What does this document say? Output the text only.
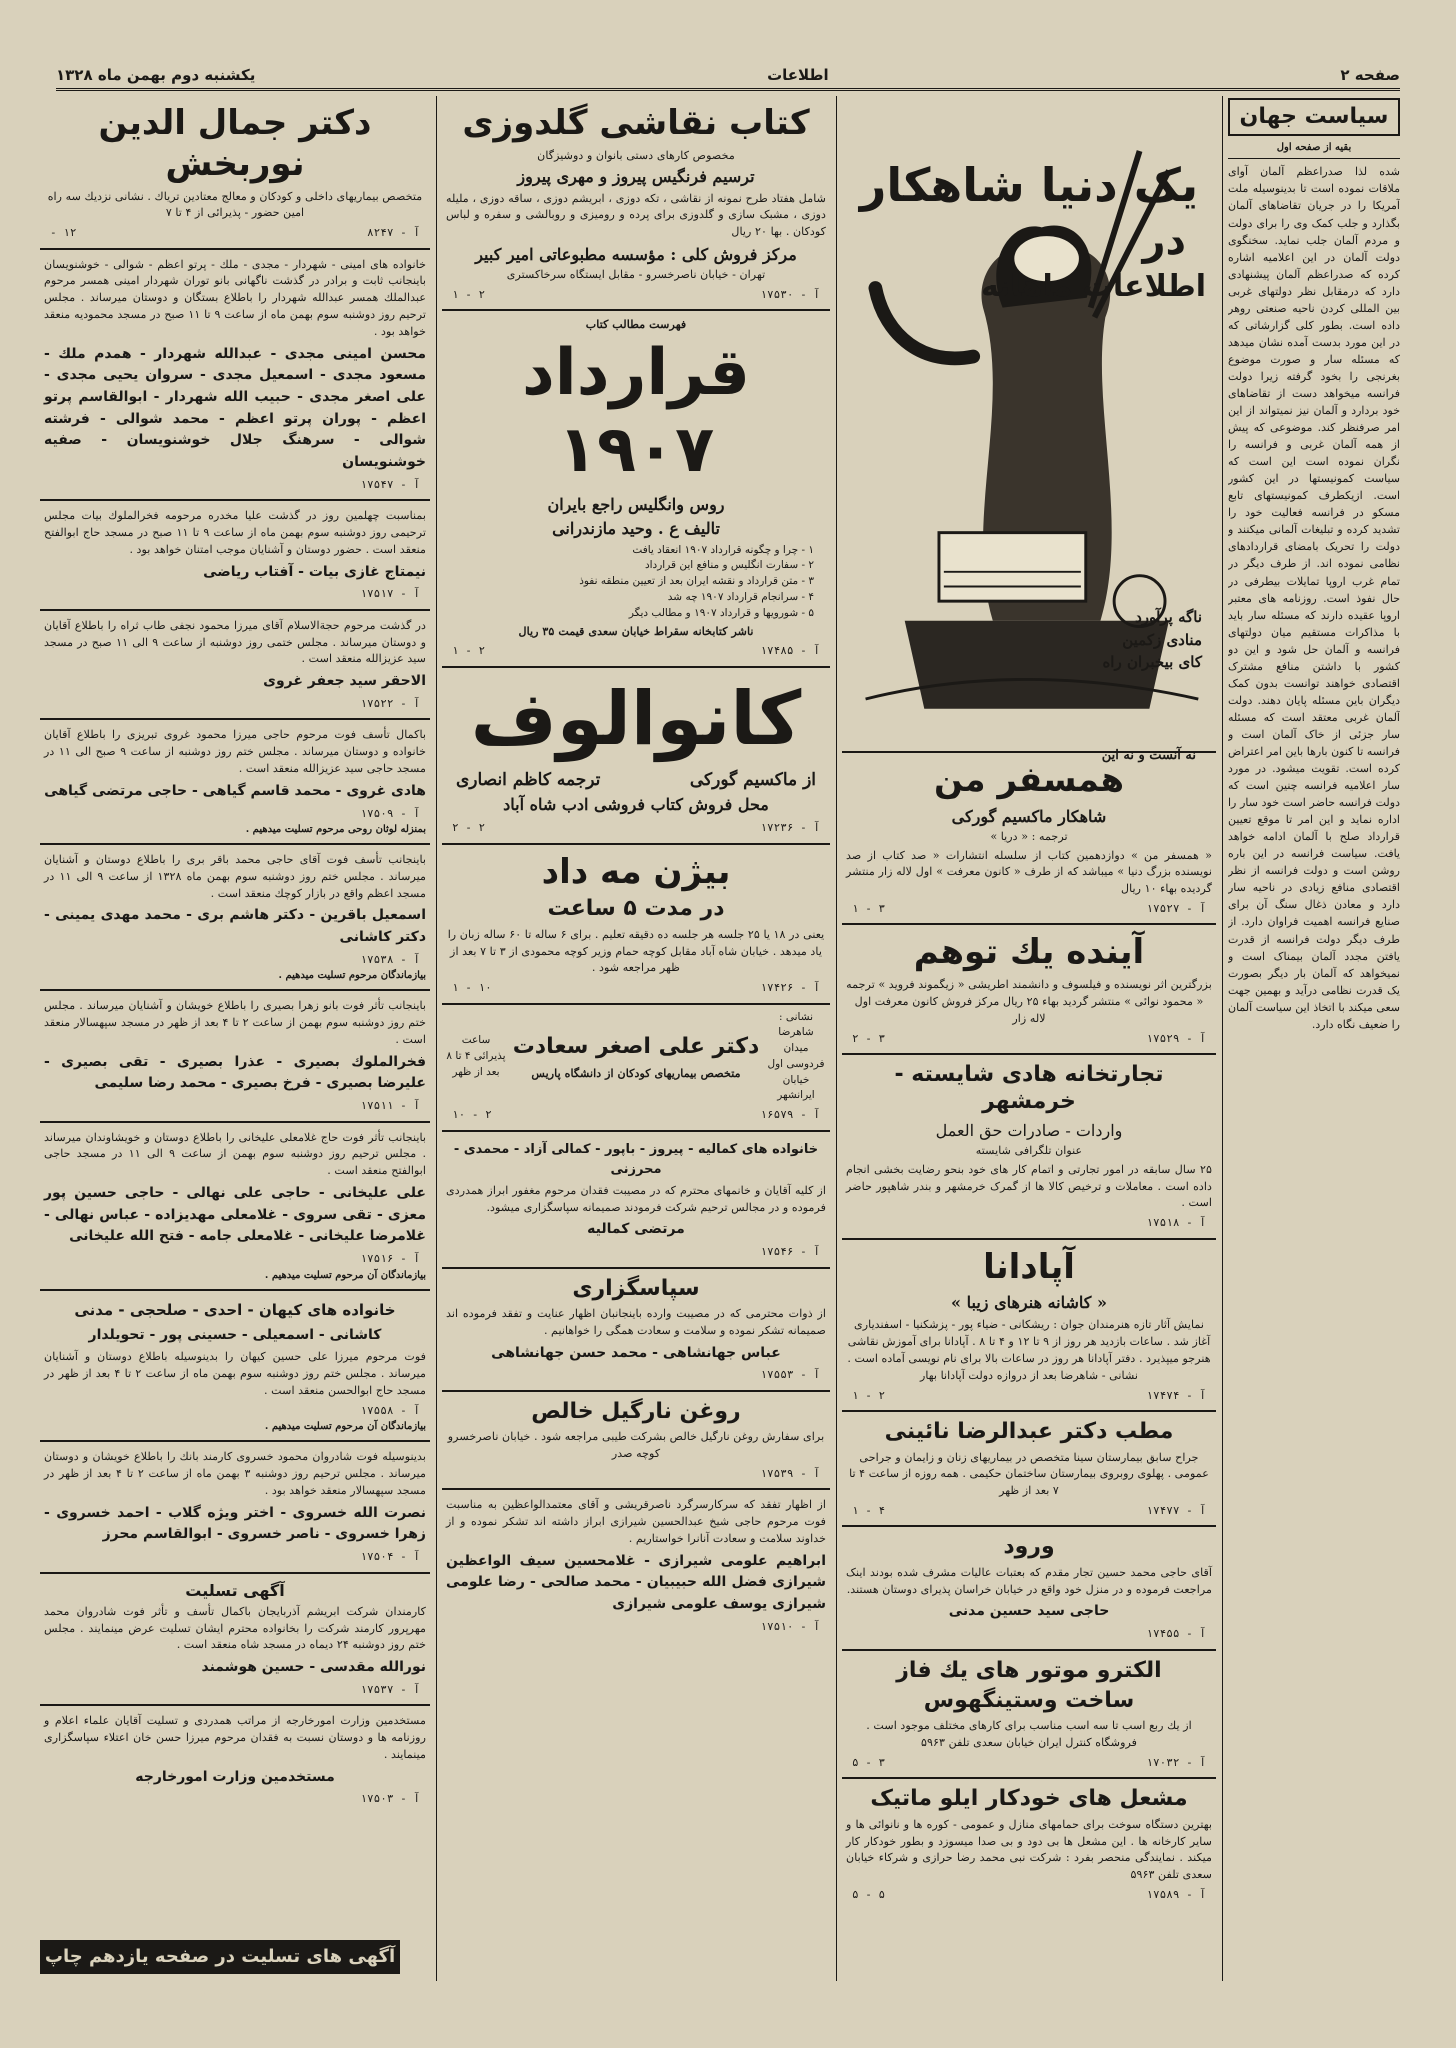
صفحه ۲
اطلاعات
یکشنبه دوم بهمن ماه ۱۳۲۸
سیاست جهان
بقیه از صفحه اول

شده لذا صدراعظم آلمان آوای ملاقات نموده است تا بدینوسیله ملت آمریکا را در جریان تقاضاهای آلمان بگذارد و جلب کمک وی را برای دولت و مردم آلمان جلب نماید. سخنگوی دولت آلمان در این اعلامیه اشاره کرده که صدراعظم آلمان پیشنهادی دارد که درمقابل نظر دولتهای غربی بین المللی کردن ناحیه صنعتی روهر داده است. بطور کلی گزارشاتی که در این مورد بدست آمده نشان میدهد که مسئله سار و صورت موضوع بغرنجی را بخود گرفته زیرا دولت فرانسه میخواهد دست از تقاضاهای خود بردارد و آلمان نیز نمیتواند از این امر صرفنظر کند. موضوعی که پیش از همه آلمان غربی و فرانسه را نگران نموده است این است که سیاست کمونیستها در این کشور است. ازیکطرف کمونیستهای تابع مسکو در فرانسه فعالیت خود را تشدید کرده و تبلیغات آلمانی میکنند و دولت را تحریک بامضای قراردادهای نظامی نموده اند. از طرف دیگر در تمام غرب اروپا تمایلات بیطرفی در حال نفوذ است. روزنامه های معتبر اروپا عقیده دارند که مسئله سار باید با مذاکرات مستقیم میان دولتهای فرانسه و آلمان حل شود و این دو کشور با داشتن منافع مشترک اقتصادی خواهند توانست بدون کمک دیگران باین مسئله پایان دهند. دولت آلمان غربی معتقد است که مسئله سار جزئی از خاک آلمان است و فرانسه تا کنون بارها باین امر اعتراض کرده است. تقویت میشود. در مورد سار اعلامیه فرانسه چنین است که دولت فرانسه حاضر است خود سار را اداره نماید و این امر تا موقع تعیین قرارداد صلح با آلمان ادامه خواهد یافت. سیاست فرانسه در این باره روشن است و دولت فرانسه از نظر اقتصادی منافع زیادی در ناحیه سار دارد و معادن ذغال سنگ آن برای صنایع فرانسه اهمیت فراوان دارد. از طرف دیگر دولت فرانسه از قدرت یافتن مجدد آلمان بیمناک است و نمیخواهد که آلمان بار دیگر بصورت یک قدرت نظامی درآید و بهمین جهت سعی میکند با اتخاذ این سیاست آلمان را ضعیف نگاه دارد.

یک دنیا شاهکار
در
اطلاعات ماهانه
ناگه پرآورد
منادی زکمین
کای بیخبران راه
نه آنست و نه این
همسفر من
شاهکار ماکسیم گورکی
ترجمه : « دریا »

« همسفر من » دوازدهمین کتاب از سلسله انتشارات « صد کتاب از صد نویسنده بزرگ دنیا » میباشد که از طرف « کانون معرفت » اول لاله زار منتشر گردیده بهاء ۱۰ ریال

آ - ۱۷۵۲۷
۳ - ۱
آینده یك توهم

بزرگترین اثر نویسنده و فیلسوف و دانشمند اطریشی « زیگموند فروید » ترجمه « محمود نوائی » منتشر گردید بهاء ۲۵ ریال مرکز فروش کانون معرفت اول لاله زار

آ - ۱۷۵۲۹
۳ - ۲
تجارتخانه هادی شایسته - خرمشهر
واردات - صادرات حق العمل
عنوان تلگرافی شایسته

۲۵ سال سابقه در امور تجارتی و اتمام کار های خود بنحو رضایت بخشی انجام داده است . معاملات و ترخیص کالا ها از گمرک خرمشهر و بندر شاهپور حاضر است .

آ - ۱۷۵۱۸
آپادانا
« کاشانه هنرهای زیبا »

نمایش آثار تازه هنرمندان جوان : ریشکانی - ضیاء پور - پزشکنیا - اسفندیاری آغاز شد . ساعات بازدید هر روز از ۹ تا ۱۲ و ۴ تا ۸ . آپادانا برای آموزش نقاشی هنرجو میپذیرد . دفتر آپادانا هر روز در ساعات بالا برای نام نویسی آماده است . نشانی - شاهرضا بعد از دروازه دولت آپادانا بهار

آ - ۱۷۴۷۴
۲ - ۱
مطب دکتر عبدالرضا نائینی

جراح سابق بیمارستان سینا متخصص در بیماریهای زنان و زایمان و جراحی عمومی . پهلوی روبروی بیمارستان ساختمان حکیمی . همه روزه از ساعت ۴ تا ۷ بعد از ظهر

آ - ۱۷۴۷۷
۴ - ۱
ورود

آقای حاجی محمد حسین تجار مقدم که بعتبات عالیات مشرف شده بودند اینک مراجعت فرموده و در منزل خود واقع در خیابان خراسان پذیرای دوستان هستند.

حاجی سید حسین مدنی
آ - ۱۷۴۵۵
الکترو موتور های یك فاز
ساخت وستینگهوس

از یك ربع اسب تا سه اسب مناسب برای کارهای مختلف موجود است . فروشگاه کنترل ایران خیابان سعدی تلفن ۵۹۶۳

آ - ۱۷۰۳۲
۳ - ۵
مشعل های خودکار ایلو ماتیک

بهترین دستگاه سوخت برای حمامهای منازل و عمومی - کوره ها و نانوائی ها و سایر کارخانه ها . این مشعل ها بی دود و بی صدا میسوزد و بطور خودکار کار میکند . نمایندگی منحصر بفرد : شرکت نبی محمد رضا حرازی و شرکاء خیابان سعدی تلفن ۵۹۶۳

آ - ۱۷۵۸۹
۵ - ۵
کتاب نقاشی گلدوزی
مخصوص کارهای دستی بانوان و دوشیزگان
ترسیم فرنگیس پیروز و مهری پیروز

شامل هفتاد طرح نمونه از نقاشی ، تکه دوزی ، ابریشم دوزی ، ساقه دوزی ، مليله دوزی ، مشبک سازی و گلدوزی برای پرده و رومیزی و روبالشی و سفره و لباس کودکان . بها ۲۰ ریال

مرکز فروش کلی : مؤسسه مطبوعاتی امیر کبیر
تهران - خیابان ناصرخسرو - مقابل ایستگاه سرخاکستری
آ - ۱۷۵۳۰
۲ - ۱
فهرست مطالب کتاب
قرارداد ۱۹۰۷
روس وانگلیس راجع بایران
تالیف ع . وحید مازندرانی
۱ - چرا و چگونه قرارداد ۱۹۰۷ انعقاد یافت
۲ - سفارت انگلیس و منافع این قرارداد
۳ - متن قرارداد و نقشه ایران بعد از تعیین منطقه نفوذ
۴ - سرانجام قرارداد ۱۹۰۷ چه شد
۵ - شورویها و قرارداد ۱۹۰۷ و مطالب دیگر
ناشر کتابخانه سقراط خیابان سعدی قیمت ۳۵ ریال
آ - ۱۷۴۸۵
۲ - ۱
کانوالوف
از ماکسیم گورکی
ترجمه کاظم انصاری
محل فروش کتاب فروشی ادب شاه آباد
آ - ۱۷۲۳۶
۲ - ۲
بیژن مه داد
در مدت ۵ ساعت

یعنی در ۱۸ یا ۲۵ جلسه هر جلسه ده دقیقه تعلیم . برای ۶ ساله تا ۶۰ ساله زبان را یاد میدهد . خیابان شاه آباد مقابل کوچه حمام وزیر کوچه محمودی از ۳ تا ۷ بعد از ظهر مراجعه شود .

آ - ۱۷۴۲۶
۱۰ - ۱
نشانی : شاهرضا میدان فردوسی اول خیابان ایرانشهر
دکتر علی اصغر سعادت
متخصص بیماریهای کودکان از دانشگاه پاریس
ساعت پذیرائی ۴ تا ۸ بعد از ظهر
آ - ۱۶۵۷۹
۲ - ۱۰
خانواده های کمالیه - پیروز - باپور - کمالی آزاد - محمدی - محرزنی

از کلیه آقایان و خانمهای محترم که در مصیبت فقدان مرحوم مغفور ابراز همدردی فرموده و در مجالس ترحیم شرکت فرمودند صمیمانه سپاسگزاری میشود.

مرتضی کمالیه
آ - ۱۷۵۴۶
سپاسگزاری

از ذوات محترمی که در مصیبت وارده باینجانبان اظهار عنایت و تفقد فرموده اند صمیمانه تشکر نموده و سلامت و سعادت همگی را خواهانیم .

عباس جهانشاهی - محمد حسن جهانشاهی
آ - ۱۷۵۵۳
روغن نارگیل خالص

برای سفارش روغن نارگیل خالص بشرکت طیبی مراجعه شود . خیابان ناصرخسرو کوچه صدر

آ - ۱۷۵۳۹

از اظهار تفقد که سرکارسرگرد ناصرقریشی و آقای معتمدالواعظین به مناسبت فوت مرحوم حاجی شیخ عبدالحسین شیرازی ابراز داشته اند تشکر نموده و از خداوند سلامت و سعادت آنانرا خواستاریم .

ابراهیم علومی شیرازی - غلامحسین سیف الواعظین شیرازی فضل الله حبیبیان - محمد صالحی - رضا علومی شیرازی یوسف علومی شیرازی
آ - ۱۷۵۱۰
دکتر جمال الدین نوربخش

متخصص بیماریهای داخلی و کودکان و معالج معتادین تریاك . نشانی نزدیك سه راه امین حضور - پذیرائی از ۴ تا ۷

آ - ۸۲۴۷
۱۲ -

خانواده های امینی - شهردار - مجدی - ملك - پرتو اعظم - شوالی - خوشنویسان باینجانب ثابت و برادر در گذشت ناگهانی بانو توران شهردار امینی همسر مرحوم عبدالملك همسر عبدالله شهردار را باطلاع بستگان و دوستان میرساند . مجلس ترحیم روز دوشنبه سوم بهمن ماه از ساعت ۹ تا ۱۱ صبح در مسجد محمودیه منعقد خواهد بود .

محسن امینی مجدی - عبدالله شهردار - همدم ملك - مسعود مجدی - اسمعیل مجدی - سروان یحیی مجدی - علی اصغر مجدی - حبیب الله شهردار - ابوالقاسم پرتو اعظم - پوران پرتو اعظم - محمد شوالی - فرشته شوالی - سرهنگ جلال خوشنویسان - صفیه خوشنویسان
آ - ۱۷۵۴۷

بمناسبت چهلمین روز در گذشت عليا مخدره مرحومه فخرالملوك بيات مجلس ترحيمی روز دوشنبه سوم بهمن ماه از ساعت ۹ تا ۱۱ صبح در مسجد حاج ابوالفتح منعقد است . حضور دوستان و آشنایان موجب امتنان خواهد بود .

نیمتاج غازی بیات - آفتاب ریاضی
آ - ۱۷۵۱۷

در گذشت مرحوم حجةالاسلام آقای میرزا محمود نجفی طاب ثراه را باطلاع آقایان و دوستان میرساند . مجلس ختمی روز دوشنبه از ساعت ۹ الی ۱۱ صبح در مسجد سید عزیزالله منعقد است .

الاحقر سید جعفر غروی
آ - ۱۷۵۲۲

باکمال تأسف فوت مرحوم حاجی میرزا محمود غروی تبریزی را باطلاع آقایان خانواده و دوستان میرساند . مجلس ختم روز دوشنبه از ساعت ۹ صبح الی ۱۱ در مسجد حاجی سید عزیزالله منعقد است .

هادی غروی - محمد قاسم گیاهی - حاجی مرتضی گیاهی
آ - ۱۷۵۰۹
بمنزله لوثان روحی مرحوم تسلیت میدهیم .

باینجانب تأسف فوت آقای حاجی محمد باقر بری را باطلاع دوستان و آشنایان میرساند . مجلس ختم روز دوشنبه سوم بهمن ماه ۱۳۲۸ از ساعت ۹ الی ۱۱ در مسجد اعظم واقع در بازار کوچك منعقد است .

اسمعیل باقرین - دکتر هاشم بری - محمد مهدی یمینی - دکتر کاشانی
آ - ۱۷۵۳۸
بیازماندگان مرحوم تسلیت میدهیم .

باینجانب تأثر فوت بانو زهرا بصیری را باطلاع خویشان و آشنایان میرساند . مجلس ختم روز دوشنبه سوم بهمن از ساعت ۲ تا ۴ بعد از ظهر در مسجد سپهسالار منعقد است .

فخرالملوك بصیری - عذرا بصیری - تقی بصیری - علیرضا بصیری - فرخ بصیری - محمد رضا سلیمی
آ - ۱۷۵۱۱

باینجانب تأثر فوت حاج غلامعلی علیخانی را باطلاع دوستان و خویشاوندان میرساند . مجلس ترحیم روز دوشنبه سوم بهمن از ساعت ۹ الی ۱۱ در مسجد حاجی ابوالفتح منعقد است .

علی علیخانی - حاجی علی نهالی - حاجی حسین پور معزی - تقی سروی - غلامعلی مهدیزاده - عباس نهالی - غلامرضا علیخانی - غلامعلی جامه - فتح الله علیخانی
آ - ۱۷۵۱۶
بیازماندگان آن مرحوم تسلیت میدهیم .
خانواده های کیهان - احدی - صلحجی - مدنی
کاشانی - اسمعیلی - حسینی پور - تحویلدار

فوت مرحوم میرزا علی حسین کیهان را بدینوسیله باطلاع دوستان و آشنایان میرساند . مجلس ختم روز دوشنبه سوم بهمن ماه از ساعت ۲ تا ۴ بعد از ظهر در مسجد حاج ابوالحسن منعقد است .

آ - ۱۷۵۵۸
بیازماندگان آن مرحوم تسلیت میدهیم .

بدینوسیله فوت شادروان محمود خسروی کارمند بانك را باطلاع خویشان و دوستان میرساند . مجلس ترحیم روز دوشنبه ۳ بهمن ماه از ساعت ۲ تا ۴ بعد از ظهر در مسجد سپهسالار منعقد خواهد بود .

نصرت الله خسروی - اختر ویژه گلاب - احمد خسروی - زهرا خسروی - ناصر خسروی - ابوالقاسم محرز
آ - ۱۷۵۰۴
آگهی تسلیت

کارمندان شرکت ابریشم آذربایجان باکمال تأسف و تأثر فوت شادروان محمد مهرپرور کارمند شرکت را بخانواده محترم ایشان تسلیت عرض مینمایند . مجلس ختم روز دوشنبه ۲۴ دیماه در مسجد شاه منعقد است .

نورالله مقدسی - حسین هوشمند
آ - ۱۷۵۳۷

مستخدمین وزارت امورخارجه از مراتب همدردی و تسلیت آقایان علماء اعلام و روزنامه ها و دوستان نسبت به فقدان مرحوم میرزا حسن خان اعتلاء سپاسگزاری مینمایند .

مستخدمین وزارت امورخارجه
آ - ۱۷۵۰۳
آگهی های تسلیت در صفحه یازدهم چاپ شده
